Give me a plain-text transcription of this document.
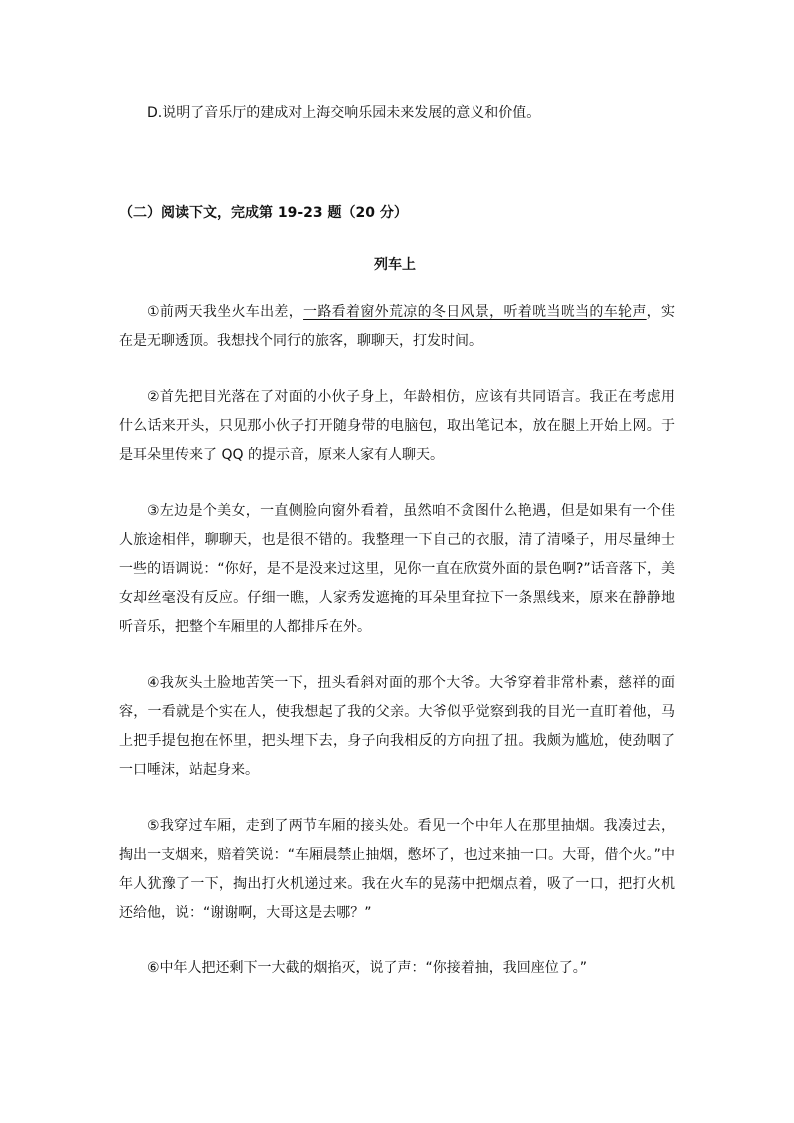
D.说明了音乐厅的建成对上海交响乐园未来发展的意义和价值。
（二）阅读下文，完成第 19-23 题（20 分）
列车上

①前两天我坐火车出差，一路看着窗外荒凉的冬日风景，听着咣当咣当的车轮声，实在是无聊透顶。我想找个同行的旅客，聊聊天，打发时间。

②首先把目光落在了对面的小伙子身上，年龄相仿，应该有共同语言。我正在考虑用什么话来开头，只见那小伙子打开随身带的电脑包，取出笔记本，放在腿上开始上网。于是耳朵里传来了 QQ 的提示音，原来人家有人聊天。

③左边是个美女，一直侧脸向窗外看着，虽然咱不贪图什么艳遇，但是如果有一个佳人旅途相伴，聊聊天，也是很不错的。我整理一下自己的衣服，清了清嗓子，用尽量绅士一些的语调说：“你好，是不是没来过这里，见你一直在欣赏外面的景色啊?”话音落下，美女却丝毫没有反应。仔细一瞧，人家秀发遮掩的耳朵里耷拉下一条黑线来，原来在静静地听音乐，把整个车厢里的人都排斥在外。

④我灰头土脸地苦笑一下，扭头看斜对面的那个大爷。大爷穿着非常朴素，慈祥的面容，一看就是个实在人，使我想起了我的父亲。大爷似乎觉察到我的目光一直盯着他，马上把手提包抱在怀里，把头埋下去，身子向我相反的方向扭了扭。我颇为尴尬，使劲咽了一口唾沫，站起身来。

⑤我穿过车厢，走到了两节车厢的接头处。看见一个中年人在那里抽烟。我凑过去，掏出一支烟来，赔着笑说：“车厢晨禁止抽烟，憋坏了，也过来抽一口。大哥，借个火。”中年人犹豫了一下，掏出打火机递过来。我在火车的晃荡中把烟点着，吸了一口，把打火机还给他，说：“谢谢啊，大哥这是去哪？”

⑥中年人把还剩下一大截的烟掐灭，说了声：“你接着抽，我回座位了。”
